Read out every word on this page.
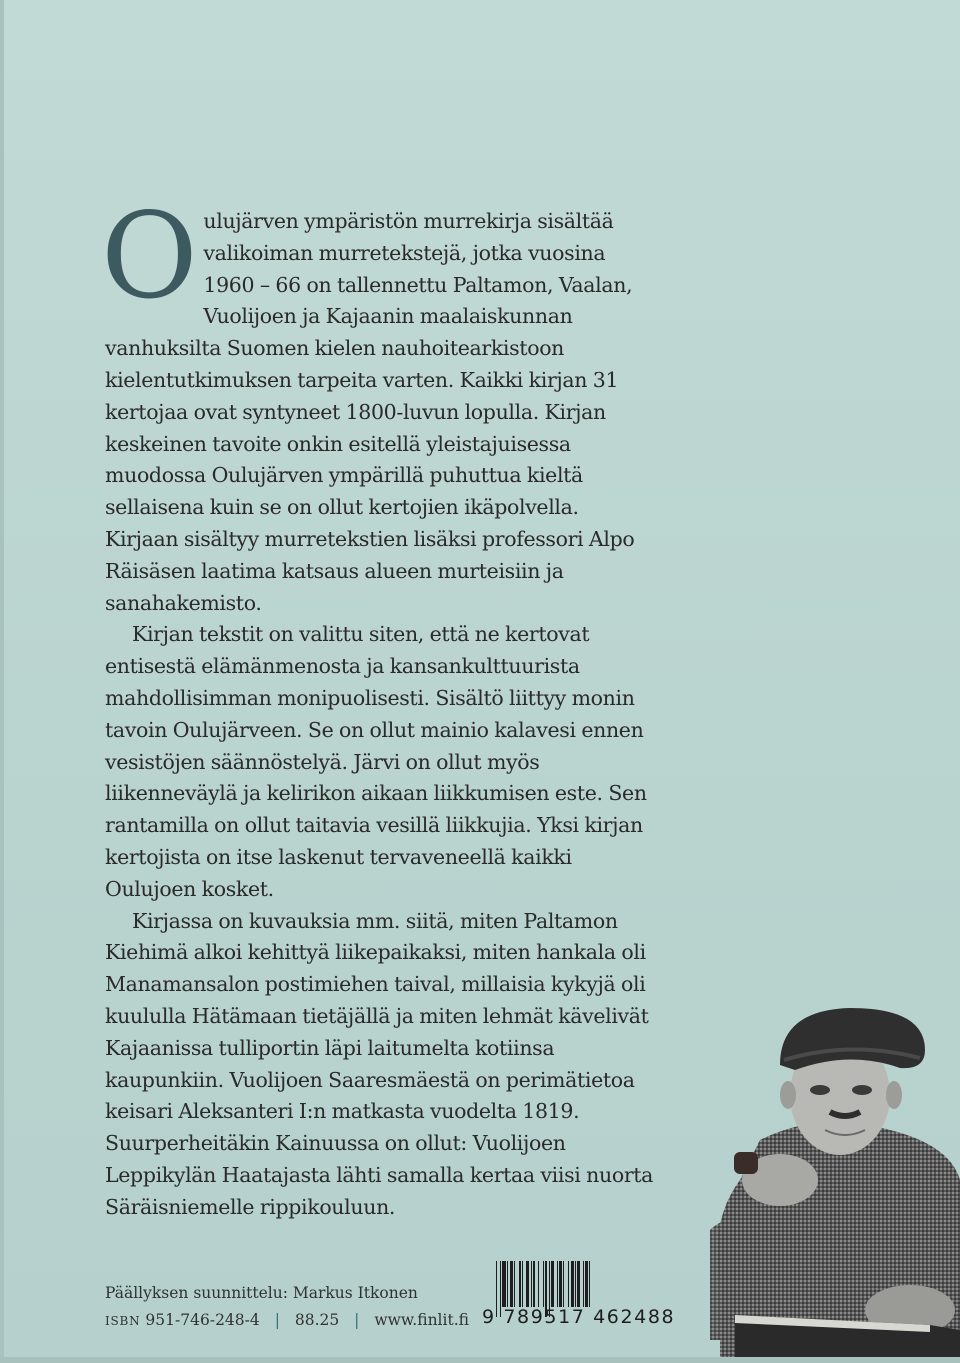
Oulujärven ympäristön murrekirja sisältää valikoiman murretekstejä, jotka vuosina 1960 – 66 on tallennettu Paltamon, Vaalan, Vuolijoen ja Kajaanin maalaiskunnan vanhuksilta Suomen kielen nauhoitearkistoon kielentutkimuksen tarpeita varten. Kaikki kirjan 31 kertojaa ovat syntyneet 1800-luvun lopulla. Kirjan keskeinen tavoite onkin esitellä yleistajuisessa muodossa Oulujärven ympärillä puhuttua kieltä sellaisena kuin se on ollut kertojien ikäpolvella. Kirjaan sisältyy murretekstien lisäksi professori Alpo Räisäsen laatima katsaus alueen murteisiin ja sanahakemisto.

Kirjan tekstit on valittu siten, että ne kertovat entisestä elämänmenosta ja kansankulttuurista mahdollisimman monipuolisesti. Sisältö liittyy monin tavoin Oulujärveen. Se on ollut mainio kalavesi ennen vesistöjen säännöstelyä. Järvi on ollut myös liikenneväylä ja kelirikon aikaan liikkumisen este. Sen rantamilla on ollut taitavia vesillä liikkujia. Yksi kirjan kertojista on itse laskenut tervaveneellä kaikki Oulujoen kosket.

Kirjassa on kuvauksia mm. siitä, miten Paltamon Kiehimä alkoi kehittyä liikepaikaksi, miten hankala oli Manamansalon postimiehen taival, millaisia kykyjä oli kuululla Hätämaan tietäjällä ja miten lehmät kävelivät Kajaanissa tulliportin läpi laitumelta kotiinsa kaupunkiin. Vuolijoen Saaresmäestä on perimätietoa keisari Aleksanteri I:n matkasta vuodelta 1819. Suurperheitäkin Kainuussa on ollut: Vuolijoen Leppikylän Haatajasta lähti samalla kertaa viisi nuorta Säräisniemelle rippikouluun.

Päällyksen suunnittelu: Markus Itkonen
ISBN 951-746-248-4 | 88.25 | www.finlit.fi 9 789517 462488
